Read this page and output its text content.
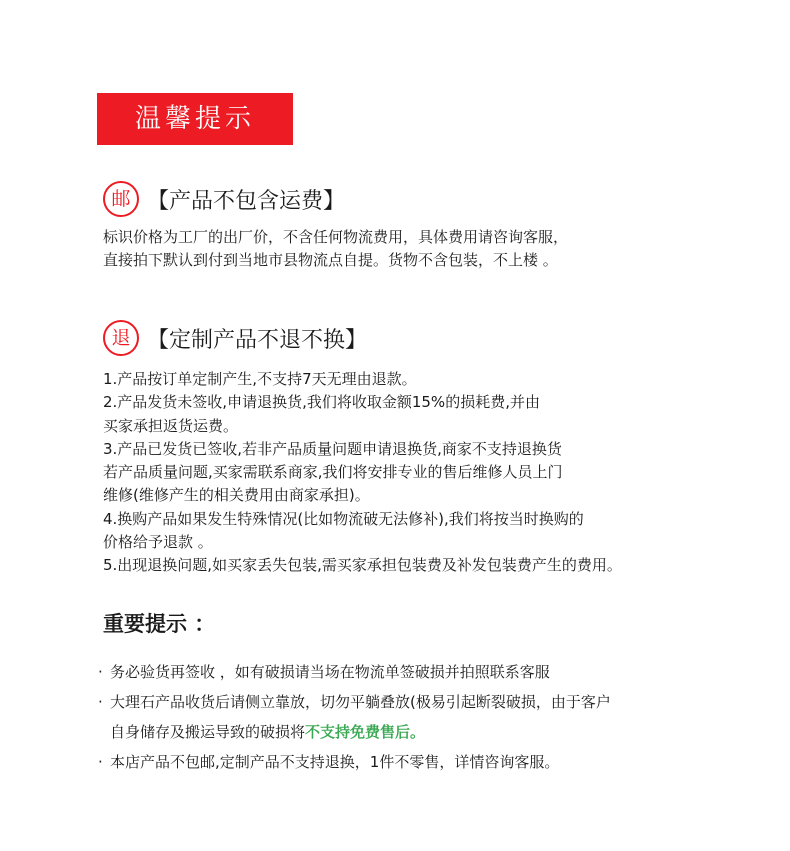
温馨提示
邮 【产品不包含运费】
标识价格为工厂的出厂价，不含任何物流费用，具体费用请咨询客服，
直接拍下默认到付到当地市县物流点自提。货物不含包装，不上楼 。
退 【定制产品不退不换】
1.产品按订单定制产生,不支持7天无理由退款。
2.产品发货未签收,申请退换货,我们将收取金额15%的损耗费,并由
买家承担返货运费。
3.产品已发货已签收,若非产品质量问题申请退换货,商家不支持退换货
若产品质量问题,买家需联系商家,我们将安排专业的售后维修人员上门
维修(维修产生的相关费用由商家承担)。
4.换购产品如果发生特殊情况(比如物流破无法修补),我们将按当时换购的
价格给予退款 。
5.出现退换问题,如买家丢失包装,需买家承担包装费及补发包装费产生的费用。
重要提示 ：
· 务必验货再签收 ，如有破损请当场在物流单签破损并拍照联系客服
· 大理石产品收货后请侧立靠放，切勿平躺叠放(极易引起断裂破损，由于客户
自身储存及搬运导致的破损将不支持免费售后。
· 本店产品不包邮,定制产品不支持退换，1件不零售，详情咨询客服。
